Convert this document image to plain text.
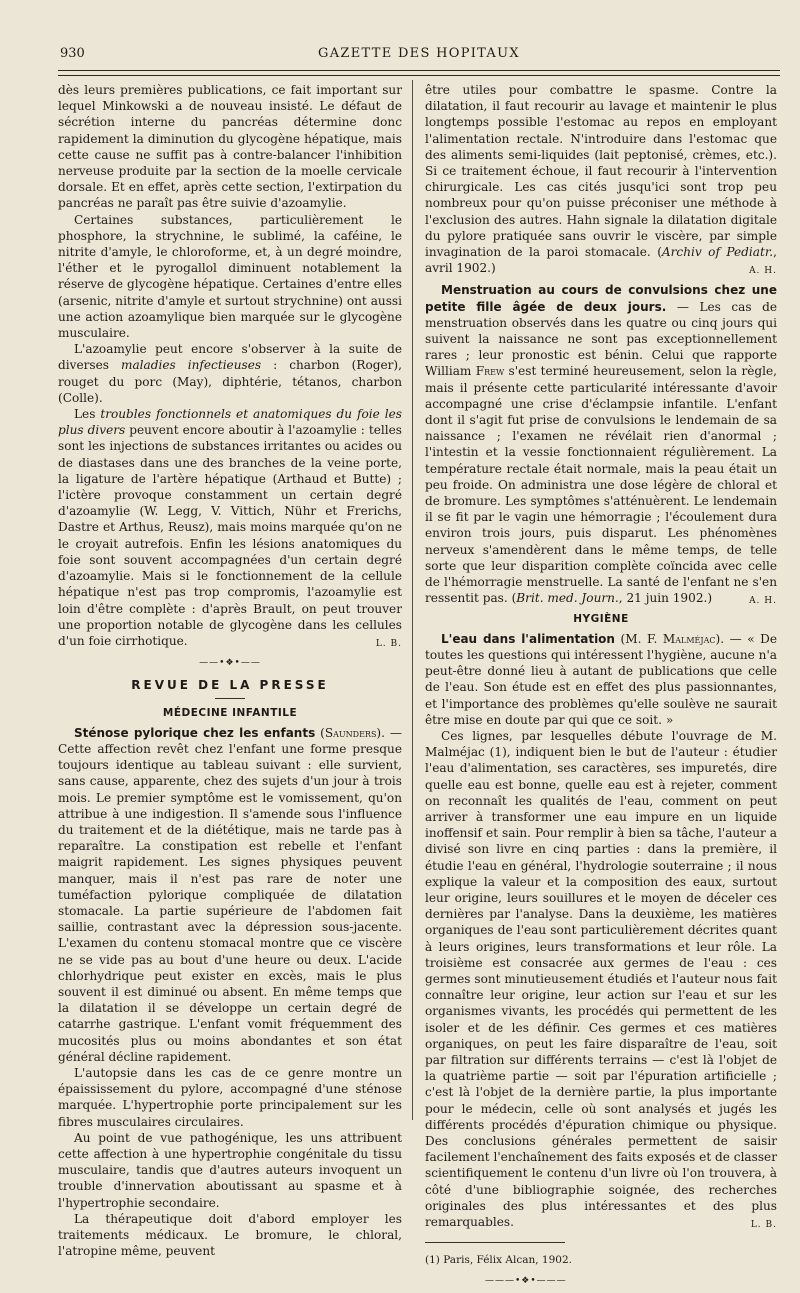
930	GAZETTE DES HOPITAUX

dès leurs premières publications, ce fait important sur lequel Minkowski a de nouveau insisté. Le défaut de sécrétion interne du pancréas détermine donc rapidement la diminution du glycogène hépatique, mais cette cause ne suffit pas à contre-balancer l'inhibition nerveuse produite par la section de la moelle cervicale dorsale. Et en effet, après cette section, l'extirpation du pancréas ne paraît pas être suivie d'azoamylie.

Certaines substances, particulièrement le phosphore, la strychnine, le sublimé, la caféine, le nitrite d'amyle, le chloroforme, et, à un degré moindre, l'éther et le pyrogallol diminuent notablement la réserve de glycogène hépatique. Certaines d'entre elles (arsenic, nitrite d'amyle et surtout strychnine) ont aussi une action azoamylique bien marquée sur le glycogène musculaire.

L'azoamylie peut encore s'observer à la suite de diverses maladies infectieuses : charbon (Roger), rouget du porc (May), diphtérie, tétanos, charbon (Colle).

Les troubles fonctionnels et anatomiques du foie les plus divers peuvent encore aboutir à l'azoamylie : telles sont les injections de substances irritantes ou acides ou de diastases dans une des branches de la veine porte, la ligature de l'artère hépatique (Arthaud et Butte) ; l'ictère provoque constamment un certain degré d'azoamylie (W. Legg, V. Vittich, Nühr et Frerichs, Dastre et Arthus, Reusz), mais moins marquée qu'on ne le croyait autrefois. Enfin les lésions anatomiques du foie sont souvent accompagnées d'un certain degré d'azoamylie. Mais si le fonctionnement de la cellule hépatique n'est pas trop compromis, l'azoamylie est loin d'être complète : d'après Brault, on peut trouver une proportion notable de glycogène dans les cellules d'un foie cirrhotique.	L. B.

——•❖•——
REVUE DE LA PRESSE
MÉDECINE INFANTILE

Sténose pylorique chez les enfants (Saunders). — Cette affection revêt chez l'enfant une forme presque toujours identique au tableau suivant : elle survient, sans cause, apparente, chez des sujets d'un jour à trois mois. Le premier symptôme est le vomissement, qu'on attribue à une indigestion. Il s'amende sous l'influence du traitement et de la diététique, mais ne tarde pas à reparaître. La constipation est rebelle et l'enfant maigrit rapidement. Les signes physiques peuvent manquer, mais il n'est pas rare de noter une tuméfaction pylorique compliquée de dilatation stomacale. La partie supérieure de l'abdomen fait saillie, contrastant avec la dépression sous-jacente. L'examen du contenu stomacal montre que ce viscère ne se vide pas au bout d'une heure ou deux. L'acide chlorhydrique peut exister en excès, mais le plus souvent il est diminué ou absent. En même temps que la dilatation il se développe un certain degré de catarrhe gastrique. L'enfant vomit fréquemment des mucosités plus ou moins abondantes et son état général décline rapidement.

L'autopsie dans les cas de ce genre montre un épaississement du pylore, accompagné d'une sténose marquée. L'hypertrophie porte principalement sur les fibres musculaires circulaires.

Au point de vue pathogénique, les uns attribuent cette affection à une hypertrophie congénitale du tissu musculaire, tandis que d'autres auteurs invoquent un trouble d'innervation aboutissant au spasme et à l'hypertrophie secondaire.

La thérapeutique doit d'abord employer les traitements médicaux. Le bromure, le chloral, l'atropine même, peuvent

être utiles pour combattre le spasme. Contre la dilatation, il faut recourir au lavage et maintenir le plus longtemps possible l'estomac au repos en employant l'alimentation rectale. N'introduire dans l'estomac que des aliments semi-liquides (lait peptonisé, crèmes, etc.). Si ce traitement échoue, il faut recourir à l'intervention chirurgicale. Les cas cités jusqu'ici sont trop peu nombreux pour qu'on puisse préconiser une méthode à l'exclusion des autres. Hahn signale la dilatation digitale du pylore pratiquée sans ouvrir le viscère, par simple invagination de la paroi stomacale. (Archiv of Pediatr., avril 1902.)	A. H.

Menstruation au cours de convulsions chez une petite fille âgée de deux jours. — Les cas de menstruation observés dans les quatre ou cinq jours qui suivent la naissance ne sont pas exceptionnellement rares ; leur pronostic est bénin. Celui que rapporte William Frew s'est terminé heureusement, selon la règle, mais il présente cette particularité intéressante d'avoir accompagné une crise d'éclampsie infantile. L'enfant dont il s'agit fut prise de convulsions le lendemain de sa naissance ; l'examen ne révélait rien d'anormal ; l'intestin et la vessie fonctionnaient régulièrement. La température rectale était normale, mais la peau était un peu froide. On administra une dose légère de chloral et de bromure. Les symptômes s'atténuèrent. Le lendemain il se fit par le vagin une hémorragie ; l'écoulement dura environ trois jours, puis disparut. Les phénomènes nerveux s'amendèrent dans le même temps, de telle sorte que leur disparition complète coïncida avec celle de l'hémorragie menstruelle. La santé de l'enfant ne s'en ressentit pas. (Brit. med. Journ., 21 juin 1902.)	A. H.

HYGIÈNE

L'eau dans l'alimentation (M. F. Malméjac). — « De toutes les questions qui intéressent l'hygiène, aucune n'a peut-être donné lieu à autant de publications que celle de l'eau. Son étude est en effet des plus passionnantes, et l'importance des problèmes qu'elle soulève ne saurait être mise en doute par qui que ce soit. »

Ces lignes, par lesquelles débute l'ouvrage de M. Malméjac (1), indiquent bien le but de l'auteur : étudier l'eau d'alimentation, ses caractères, ses impuretés, dire quelle eau est bonne, quelle eau est à rejeter, comment on reconnaît les qualités de l'eau, comment on peut arriver à transformer une eau impure en un liquide inoffensif et sain. Pour remplir à bien sa tâche, l'auteur a divisé son livre en cinq parties : dans la première, il étudie l'eau en général, l'hydrologie souterraine ; il nous explique la valeur et la composition des eaux, surtout leur origine, leurs souillures et le moyen de déceler ces dernières par l'analyse. Dans la deuxième, les matières organiques de l'eau sont particulièrement décrites quant à leurs origines, leurs transformations et leur rôle. La troisième est consacrée aux germes de l'eau : ces germes sont minutieusement étudiés et l'auteur nous fait connaître leur origine, leur action sur l'eau et sur les organismes vivants, les procédés qui permettent de les isoler et de les définir. Ces germes et ces matières organiques, on peut les faire disparaître de l'eau, soit par filtration sur différents terrains — c'est là l'objet de la quatrième partie — soit par l'épuration artificielle ; c'est là l'objet de la dernière partie, la plus importante pour le médecin, celle où sont analysés et jugés les différents procédés d'épuration chimique ou physique. Des conclusions générales permettent de saisir facilement l'enchaînement des faits exposés et de classer scientifiquement le contenu d'un livre où l'on trouvera, à côté d'une bibliographie soignée, des recherches originales des plus intéressantes et des plus remarquables.	L. B.

(1) Paris, Félix Alcan, 1902.
———•❖•———
